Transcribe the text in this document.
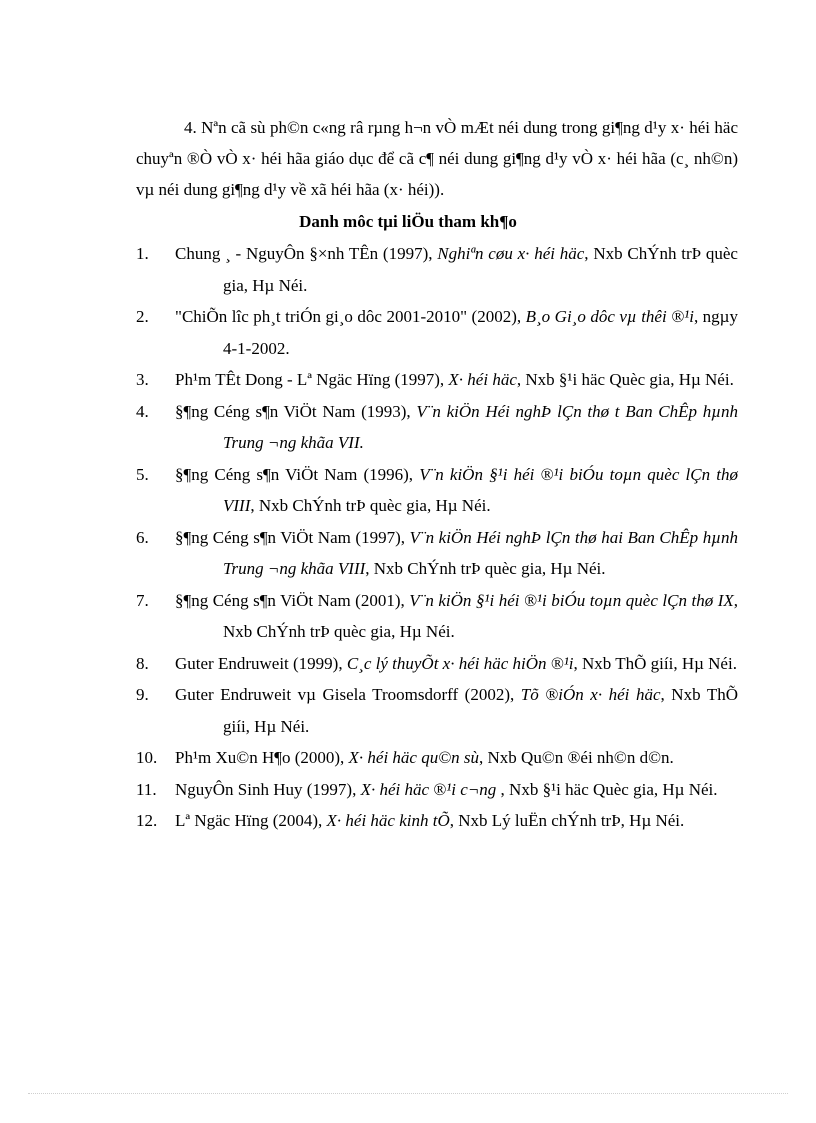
4. Nªn cã sù ph©n c«ng râ rµng h¬n vÒ mÆt néi dung trong gi¶ng d¹y x· héi häc chuyªn ®Ò vÒ x· héi hãa giáo dục để cã c¶ néi dung gi¶ng d¹y vÒ x· héi hãa (c¸ nh©n) vµ néi dung gi¶ng d¹y về xã héi hãa (x· héi)).

Danh môc tµi liÖu tham kh¶o

1.	Chung ¸ - NguyÔn §×nh TÊn (1997), Nghiªn cøu x· héi häc, Nxb ChÝnh trÞ quèc gia, Hµ Néi.
2.	"ChiÕn lîc ph¸t triÓn gi¸o dôc 2001-2010" (2002), B¸o Gi¸o dôc vµ thêi ®¹i, ngµy 4-1-2002.
3.	Ph¹m TÊt Dong - Lª Ngäc Hïng (1997), X· héi häc, Nxb §¹i häc Quèc gia, Hµ Néi.
4.	§¶ng Céng s¶n ViÖt Nam (1993), V¨n kiÖn Héi nghÞ lÇn thø t Ban ChÊp hµnh Trung ¬ng khãa VII.
5.	§¶ng Céng s¶n ViÖt Nam (1996), V¨n kiÖn §¹i héi ®¹i biÓu toµn quèc lÇn thø VIII, Nxb ChÝnh trÞ quèc gia, Hµ Néi.
6.	§¶ng Céng s¶n ViÖt Nam (1997), V¨n kiÖn Héi nghÞ lÇn thø hai Ban ChÊp hµnh Trung ¬ng khãa VIII, Nxb ChÝnh trÞ quèc gia, Hµ Néi.
7.	§¶ng Céng s¶n ViÖt Nam (2001), V¨n kiÖn §¹i héi ®¹i biÓu toµn quèc lÇn thø IX, Nxb ChÝnh trÞ quèc gia, Hµ Néi.
8.	Guter Endruweit (1999), C¸c lý thuyÕt x· héi häc hiÖn ®¹i, Nxb ThÕ giíi, Hµ Néi.
9.	Guter Endruweit vµ Gisela Troomsdorff (2002), Tõ ®iÓn x· héi häc, Nxb ThÕ giíi, Hµ Néi.
10.	Ph¹m Xu©n H¶o (2000), X· héi häc qu©n sù, Nxb Qu©n ®éi nh©n d©n.
11.	NguyÔn Sinh Huy (1997), X· héi häc ®¹i c¬ng , Nxb §¹i häc Quèc gia, Hµ Néi.
12.	Lª Ngäc Hïng (2004), X· héi häc kinh tÕ, Nxb Lý luËn chÝnh trÞ, Hµ Néi.
